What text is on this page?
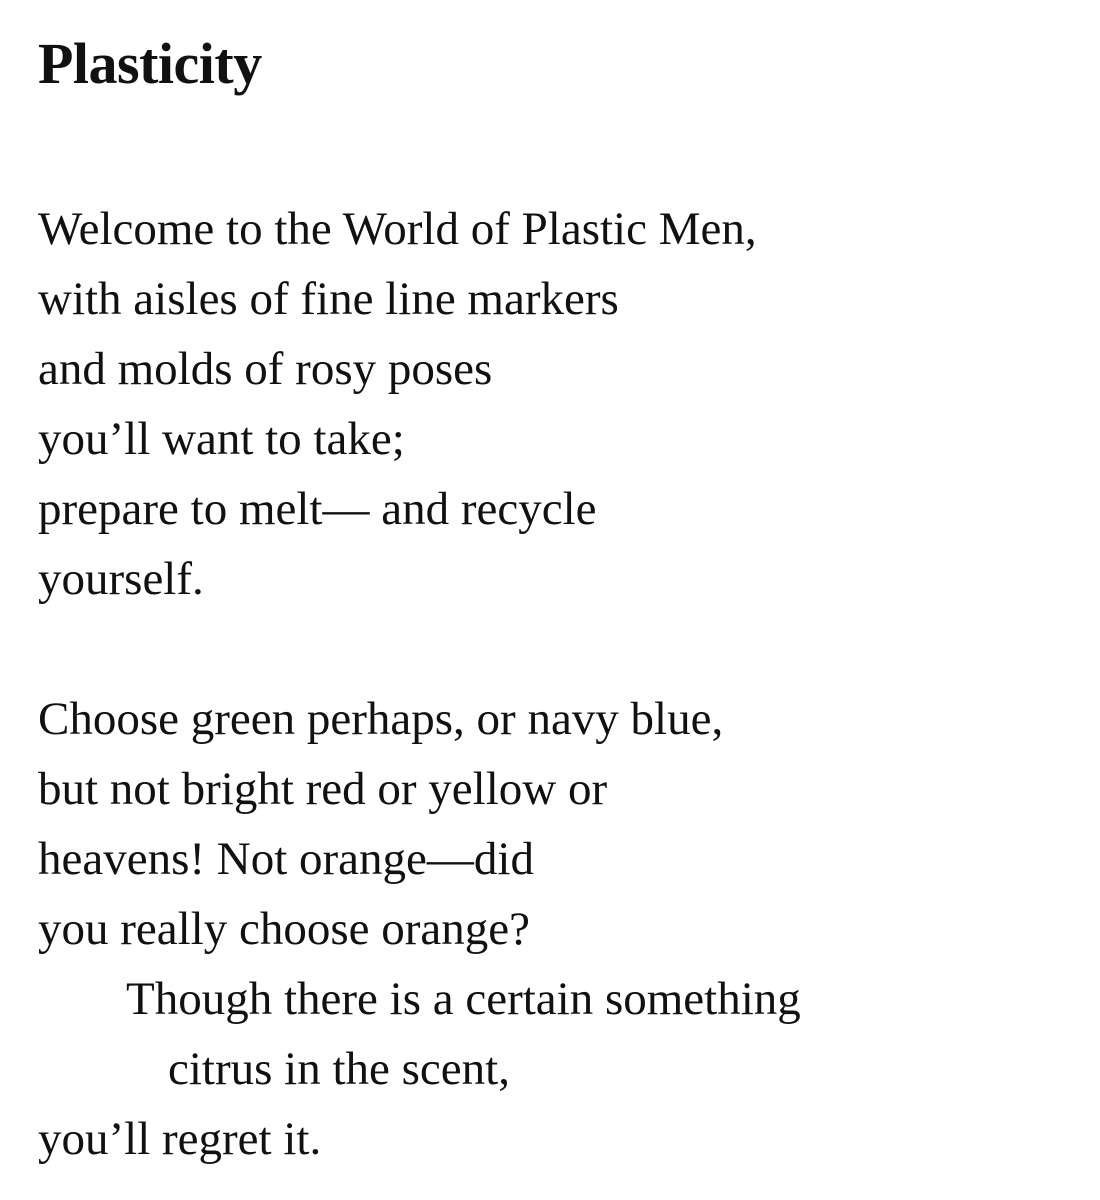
Plasticity
Welcome to the World of Plastic Men,
with aisles of fine line markers
and molds of rosy poses
you’ll want to take;
prepare to melt— and recycle
yourself.
Choose green perhaps, or navy blue,
but not bright red or yellow or
heavens! Not orange—did
you really choose orange?
Though there is a certain something
citrus in the scent,
you’ll regret it.
